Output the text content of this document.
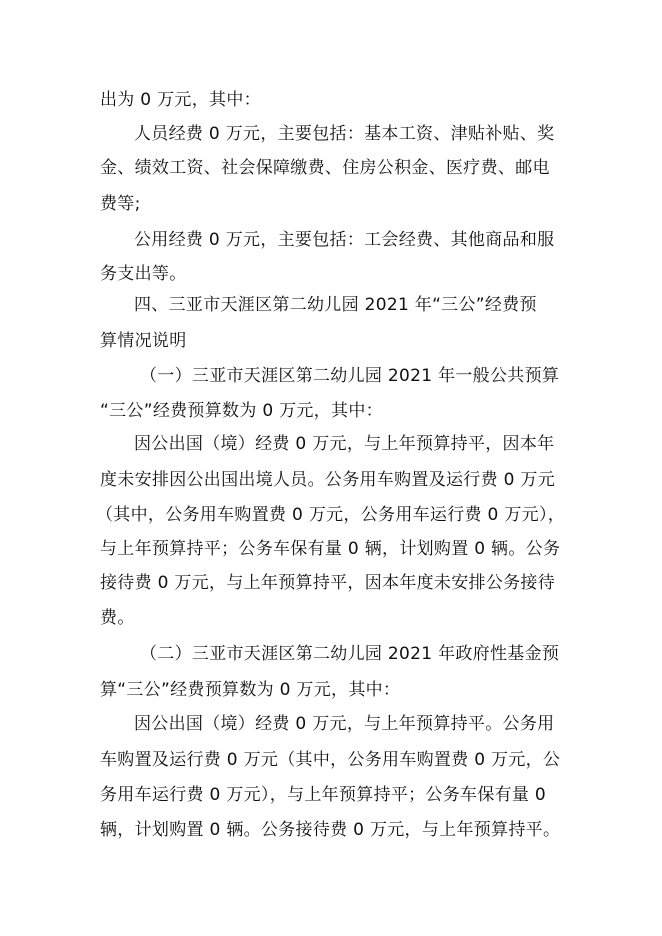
出为 0 万元，其中：
人员经费 0 万元，主要包括：基本工资、津贴补贴、奖
金、绩效工资、社会保障缴费、住房公积金、医疗费、邮电
费等;
公用经费 0 万元，主要包括：工会经费、其他商品和服
务支出等。
四、三亚市天涯区第二幼儿园 2021 年“三公”经费预
算情况说明
（一）三亚市天涯区第二幼儿园 2021 年一般公共预算
“三公”经费预算数为 0 万元，其中：
因公出国（境）经费 0 万元，与上年预算持平，因本年
度未安排因公出国出境人员。公务用车购置及运行费 0 万元
（其中，公务用车购置费 0 万元，公务用车运行费 0 万元），
与上年预算持平；公务车保有量 0 辆，计划购置 0 辆。公务
接待费 0 万元，与上年预算持平，因本年度未安排公务接待
费。
（二）三亚市天涯区第二幼儿园 2021 年政府性基金预
算“三公”经费预算数为 0 万元，其中：
因公出国（境）经费 0 万元，与上年预算持平。公务用
车购置及运行费 0 万元（其中，公务用车购置费 0 万元，公
务用车运行费 0 万元），与上年预算持平；公务车保有量 0
辆，计划购置 0 辆。公务接待费 0 万元，与上年预算持平。
